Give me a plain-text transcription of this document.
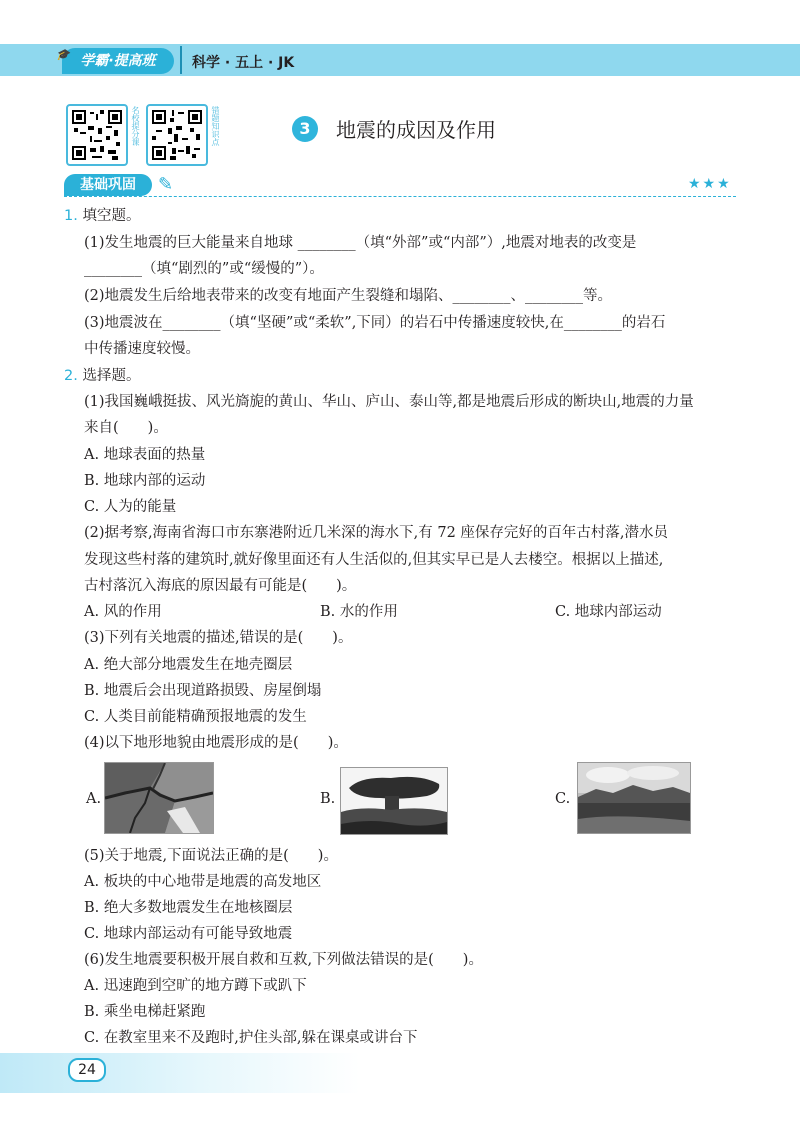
🎓 学霸·提高班	科学 · 五上 · JK
名校提分课	错题知识点	3	地震的成因及作用
基础巩固	✎	★★★
1. 填空题。
(1)发生地震的巨大能量来自地球 ________（填“外部”或“内部”）,地震对地表的改变是
________（填“剧烈的”或“缓慢的”）。
(2)地震发生后给地表带来的改变有地面产生裂缝和塌陷、________、________等。
(3)地震波在________（填“坚硬”或“柔软”,下同）的岩石中传播速度较快,在________的岩石
中传播速度较慢。
2. 选择题。
(1)我国巍峨挺拔、风光旖旎的黄山、华山、庐山、泰山等,都是地震后形成的断块山,地震的力量
来自(　　)。
A. 地球表面的热量
B. 地球内部的运动
C. 人为的能量
(2)据考察,海南省海口市东寨港附近几米深的海水下,有 72 座保存完好的百年古村落,潜水员
发现这些村落的建筑时,就好像里面还有人生活似的,但其实早已是人去楼空。根据以上描述,
古村落沉入海底的原因最有可能是(　　)。
A. 风的作用	B. 水的作用	C. 地球内部运动
(3)下列有关地震的描述,错误的是(　　)。
A. 绝大部分地震发生在地壳圈层
B. 地震后会出现道路损毁、房屋倒塌
C. 人类目前能精确预报地震的发生
(4)以下地形地貌由地震形成的是(　　)。
A.	B.	C.
(5)关于地震,下面说法正确的是(　　)。
A. 板块的中心地带是地震的高发地区
B. 绝大多数地震发生在地核圈层
C. 地球内部运动有可能导致地震
(6)发生地震要积极开展自救和互救,下列做法错误的是(　　)。
A. 迅速跑到空旷的地方蹲下或趴下
B. 乘坐电梯赶紧跑
C. 在教室里来不及跑时,护住头部,躲在课桌或讲台下
24
